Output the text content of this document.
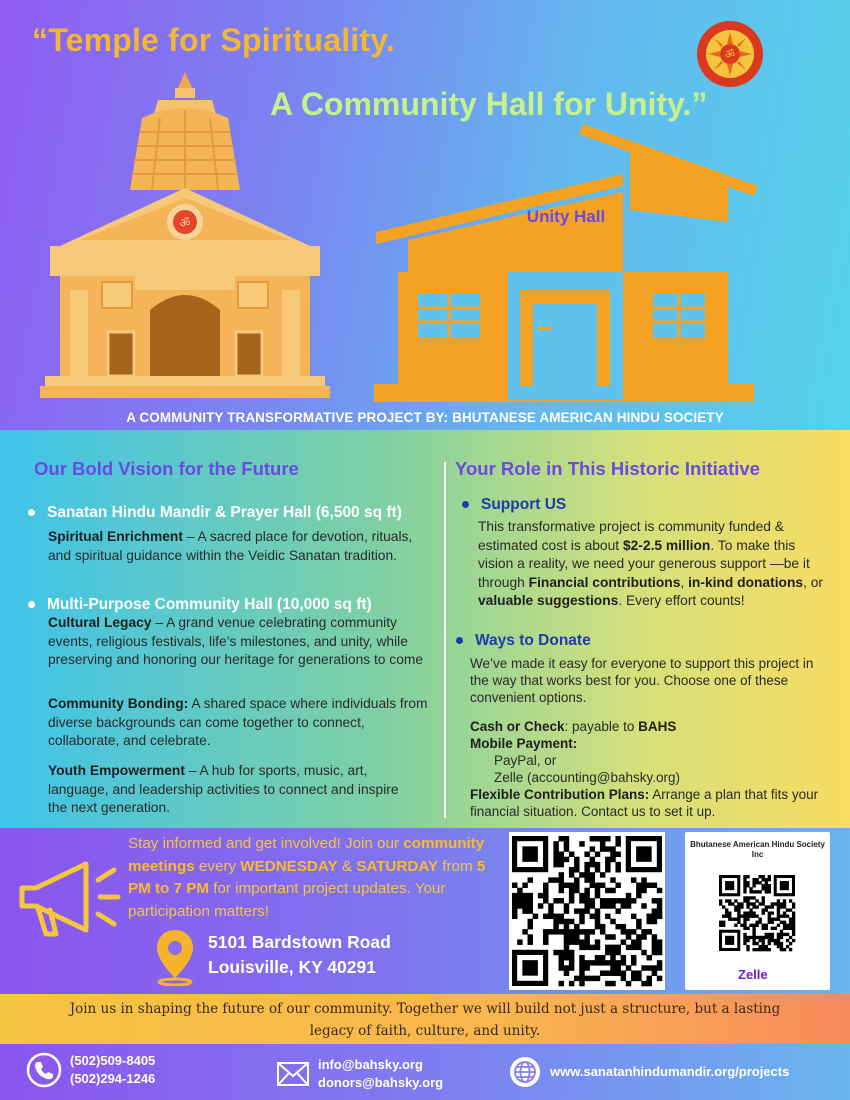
“Temple for Spirituality.
A Community Hall for Unity.”
ॐ
ॐ	Unity Hall
A COMMUNITY TRANSFORMATIVE PROJECT BY: BHUTANESE AMERICAN HINDU SOCIETY
Our Bold Vision for the Future
Sanatan Hindu Mandir & Prayer Hall (6,500 sq ft)
Spiritual Enrichment – A sacred place for devotion, rituals, and spiritual guidance within the Veidic Sanatan tradition.
Multi-Purpose Community Hall (10,000 sq ft)
Cultural Legacy – A grand venue celebrating community events, religious festivals, life’s milestones, and unity, while preserving and honoring our heritage for generations to come
Community Bonding: A shared space where individuals from diverse backgrounds can come together to connect, collaborate, and celebrate.
Youth Empowerment – A hub for sports, music, art, language, and leadership activities to connect and inspire the next generation.
Your Role in This Historic Initiative
Support US
This transformative project is community funded & estimated cost is about $2-2.5 million. To make this vision a reality, we need your generous support —be it through Financial contributions, in-kind donations, or valuable suggestions. Every effort counts!
Ways to Donate
We’ve made it easy for everyone to support this project in the way that works best for you. Choose one of these convenient options.
Cash or Check: payable to BAHS
Mobile Payment:
PayPal, or
Zelle (accounting@bahsky.org)
Flexible Contribution Plans: Arrange a plan that fits your financial situation. Contact us to set it up.
Stay informed and get involved! Join our community meetings every WEDNESDAY & SATURDAY from 5 PM to 7 PM for important project updates. Your participation matters!
5101 Bardstown Road
Louisville, KY 40291
Bhutanese American Hindu Society Inc
Zelle
Join us in shaping the future of our community. Together we will build not just a structure, but a lasting legacy of faith, culture, and unity.
(502)509-8405
(502)294-1246
info@bahsky.org
donors@bahsky.org
www.sanatanhindumandir.org/projects
